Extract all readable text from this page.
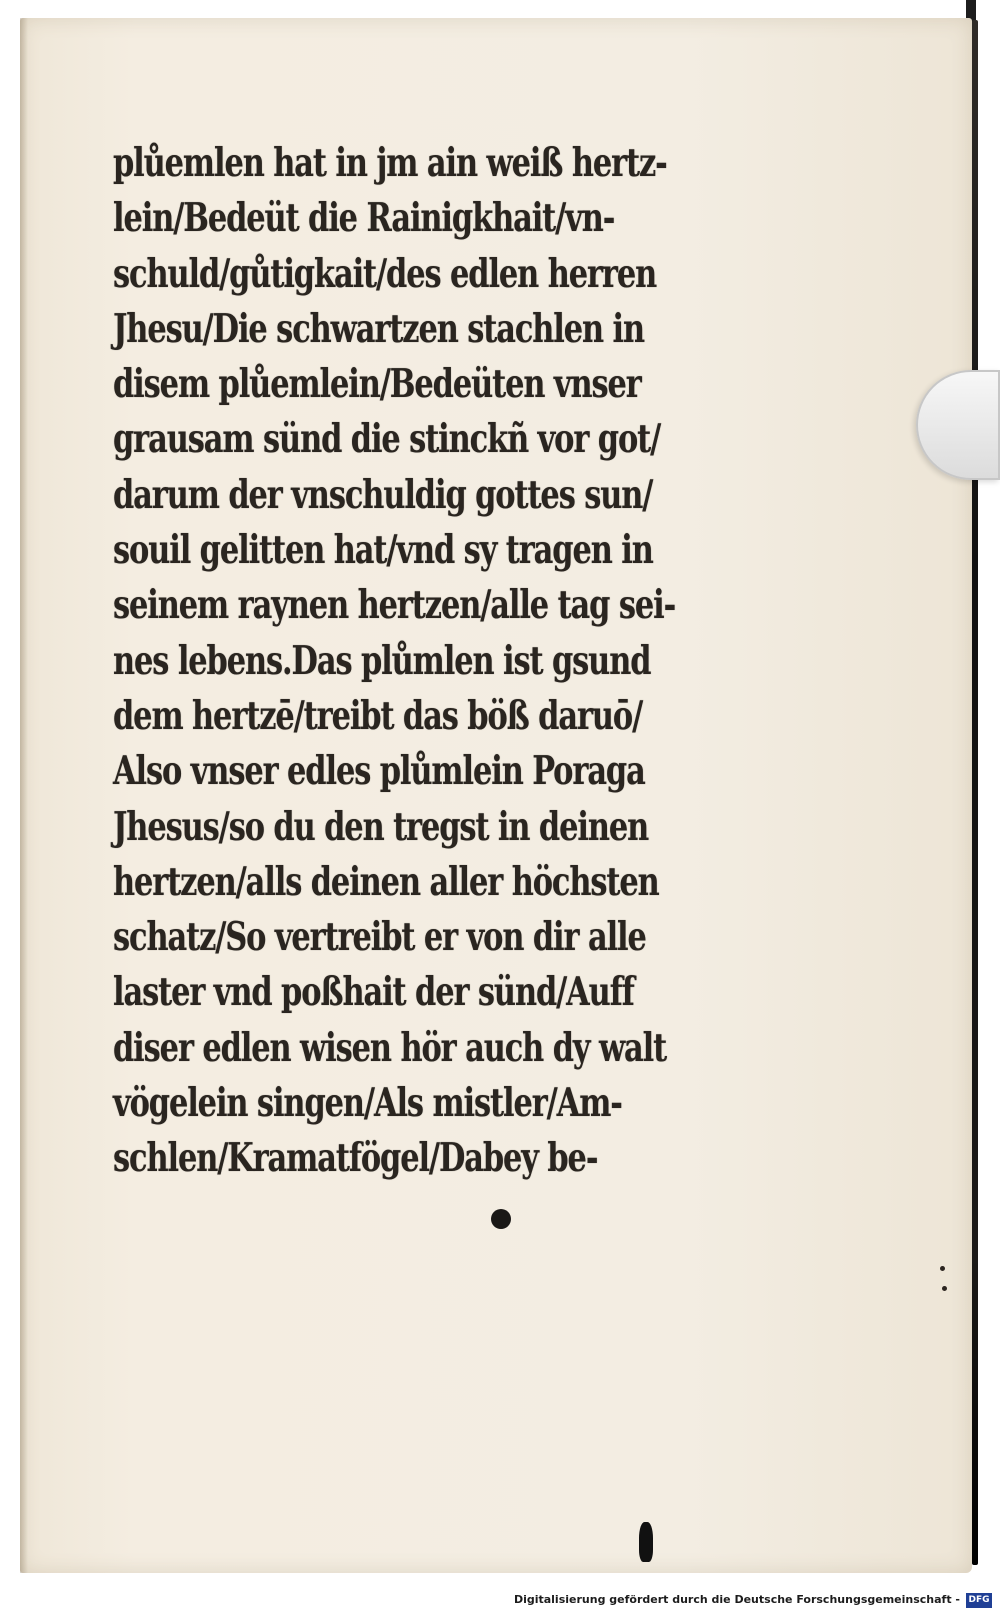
plůemlen hat in jm ain weiß hertz-
lein/Bedeüt die Rainigkhait/vn-
schuld/gůtigkait/des edlen herren
Jhesu/Die schwartzen stachlen in
disem plůemlein/Bedeüten vnser
grausam sünd die stinckñ vor got/
darum der vnschuldig gottes sun/
souil gelitten hat/vnd sy tragen in
seinem raynen hertzen/alle tag sei-
nes lebens.Das plůmlen ist gsund
dem hertzē/treibt das böß daruō/
Also vnser edles plůmlein Poraga
Jhesus/so du den tregst in deinen
hertzen/alls deinen aller höchsten
schatz/So vertreibt er von dir alle
laster vnd poßhait der sünd/Auff
diser edlen wisen hör auch dy walt
vögelein singen/Als mistler/Am-
schlen/Kramatfögel/Dabey be-
Digitalisierung gefördert durch die Deutsche Forschungsgemeinschaft - DFG
